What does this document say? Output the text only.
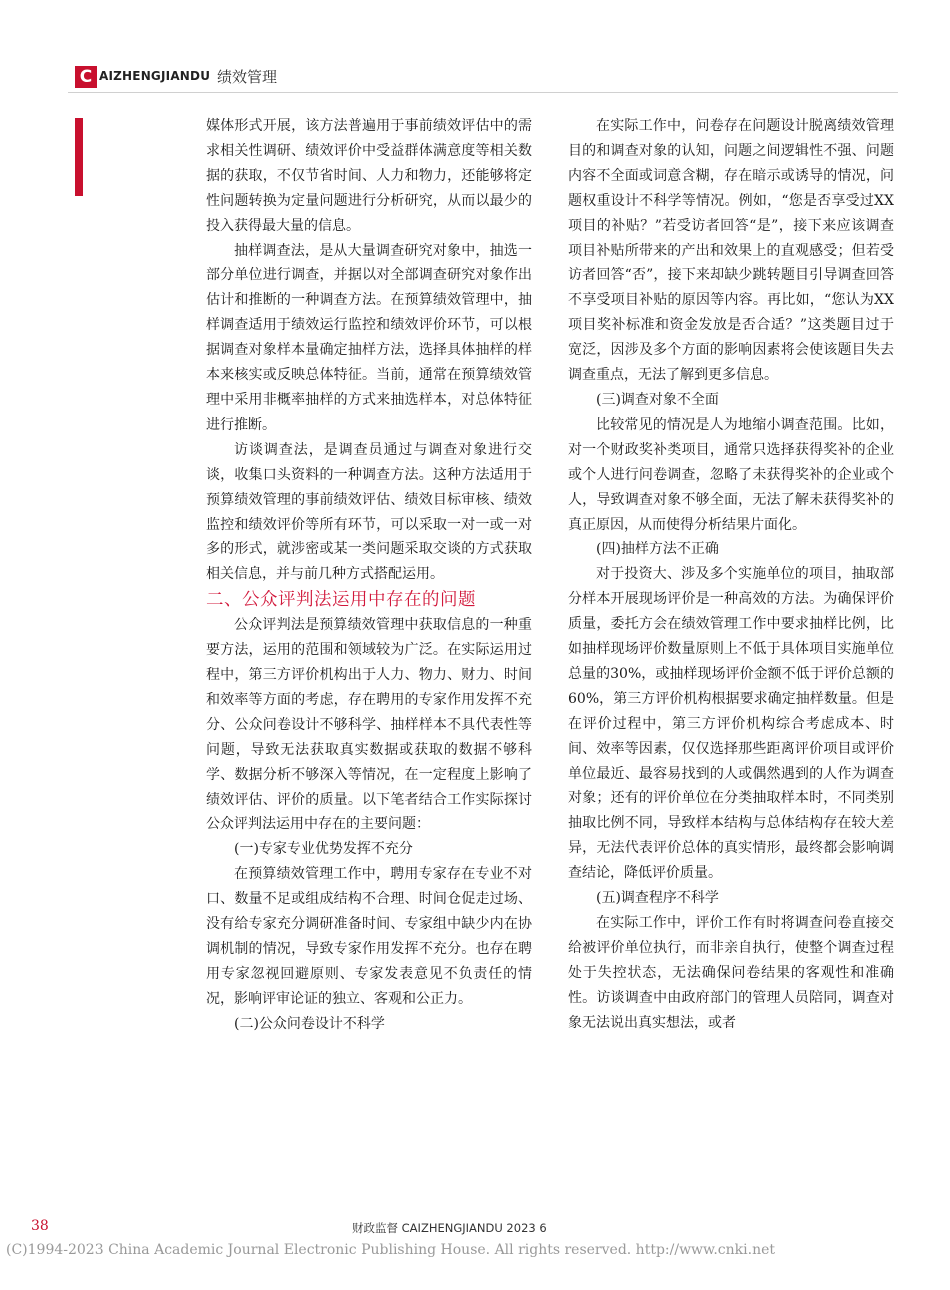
C AIZHENGJIANDU 绩效管理

媒体形式开展，该方法普遍用于事前绩效评估中的需求相关性调研、绩效评价中受益群体满意度等相关数据的获取，不仅节省时间、人力和物力，还能够将定性问题转换为定量问题进行分析研究，从而以最少的投入获得最大量的信息。

抽样调查法，是从大量调查研究对象中，抽选一部分单位进行调查，并据以对全部调查研究对象作出估计和推断的一种调查方法。在预算绩效管理中，抽样调查适用于绩效运行监控和绩效评价环节，可以根据调查对象样本量确定抽样方法，选择具体抽样的样本来核实或反映总体特征。当前，通常在预算绩效管理中采用非概率抽样的方式来抽选样本，对总体特征进行推断。

访谈调查法，是调查员通过与调查对象进行交谈，收集口头资料的一种调查方法。这种方法适用于预算绩效管理的事前绩效评估、绩效目标审核、绩效监控和绩效评价等所有环节，可以采取一对一或一对多的形式，就涉密或某一类问题采取交谈的方式获取相关信息，并与前几种方式搭配运用。

二、公众评判法运用中存在的问题

公众评判法是预算绩效管理中获取信息的一种重要方法，运用的范围和领域较为广泛。在实际运用过程中，第三方评价机构出于人力、物力、财力、时间和效率等方面的考虑，存在聘用的专家作用发挥不充分、公众问卷设计不够科学、抽样样本不具代表性等问题，导致无法获取真实数据或获取的数据不够科学、数据分析不够深入等情况，在一定程度上影响了绩效评估、评价的质量。以下笔者结合工作实际探讨公众评判法运用中存在的主要问题：

(一)专家专业优势发挥不充分

在预算绩效管理工作中，聘用专家存在专业不对口、数量不足或组成结构不合理、时间仓促走过场、没有给专家充分调研准备时间、专家组中缺少内在协调机制的情况，导致专家作用发挥不充分。也存在聘用专家忽视回避原则、专家发表意见不负责任的情况，影响评审论证的独立、客观和公正力。

(二)公众问卷设计不科学

在实际工作中，问卷存在问题设计脱离绩效管理目的和调查对象的认知，问题之间逻辑性不强、问题内容不全面或词意含糊，存在暗示或诱导的情况，问题权重设计不科学等情况。例如，“您是否享受过XX项目的补贴？”若受访者回答“是”，接下来应该调查项目补贴所带来的产出和效果上的直观感受；但若受访者回答“否”，接下来却缺少跳转题目引导调查回答不享受项目补贴的原因等内容。再比如，“您认为XX项目奖补标准和资金发放是否合适？”这类题目过于宽泛，因涉及多个方面的影响因素将会使该题目失去调查重点，无法了解到更多信息。

(三)调查对象不全面

比较常见的情况是人为地缩小调查范围。比如，对一个财政奖补类项目，通常只选择获得奖补的企业或个人进行问卷调查，忽略了未获得奖补的企业或个人，导致调查对象不够全面，无法了解未获得奖补的真正原因，从而使得分析结果片面化。

(四)抽样方法不正确

对于投资大、涉及多个实施单位的项目，抽取部分样本开展现场评价是一种高效的方法。为确保评价质量，委托方会在绩效管理工作中要求抽样比例，比如抽样现场评价数量原则上不低于具体项目实施单位总量的30%，或抽样现场评价金额不低于评价总额的60%，第三方评价机构根据要求确定抽样数量。但是在评价过程中，第三方评价机构综合考虑成本、时间、效率等因素，仅仅选择那些距离评价项目或评价单位最近、最容易找到的人或偶然遇到的人作为调查对象；还有的评价单位在分类抽取样本时，不同类别抽取比例不同，导致样本结构与总体结构存在较大差异，无法代表评价总体的真实情形，最终都会影响调查结论，降低评价质量。

(五)调查程序不科学

在实际工作中，评价工作有时将调查问卷直接交给被评价单位执行，而非亲自执行，使整个调查过程处于失控状态，无法确保问卷结果的客观性和准确性。访谈调查中由政府部门的管理人员陪同，调查对象无法说出真实想法，或者

38	财政监督 CAIZHENGJIANDU 2023 6
(C)1994-2023 China Academic Journal Electronic Publishing House. All rights reserved. http://www.cnki.net
